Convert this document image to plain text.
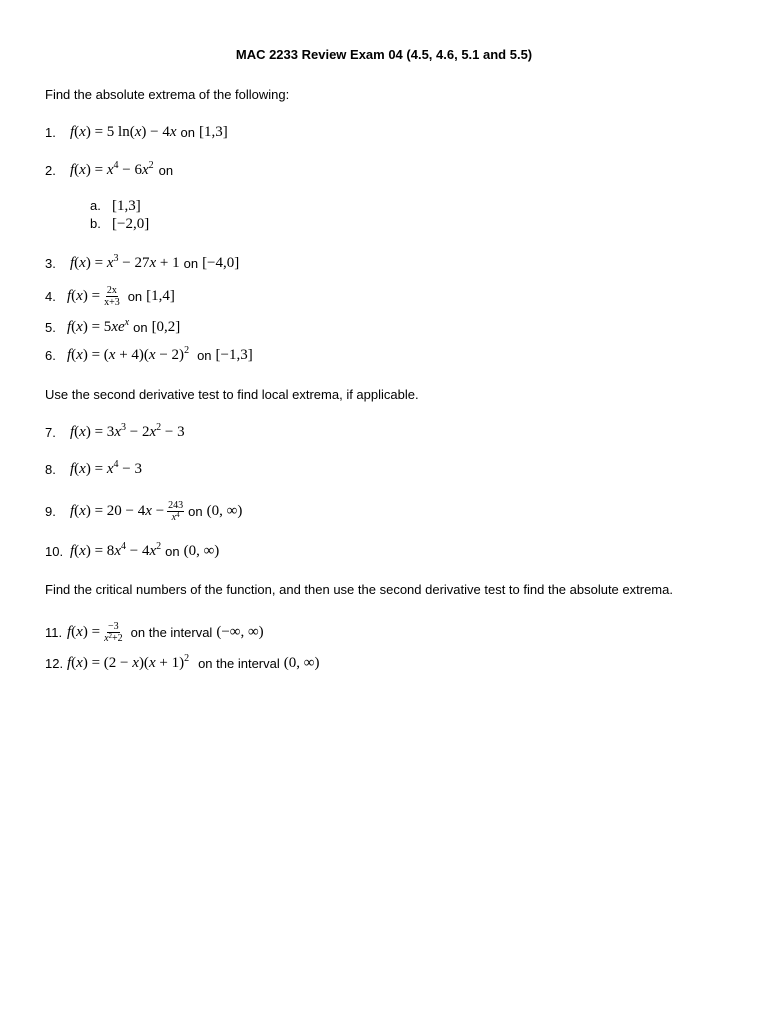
MAC 2233 Review Exam 04 (4.5, 4.6, 5.1 and 5.5)
Find the absolute extrema of the following:
1. f(x) = 5 ln(x) − 4x on [1,3]
2. $f(x) = x^4 - 6x^2$ on
a. [1,3]
b. [−2,0]
3. $f(x) = x^3 - 27x + 1$ on [−4,0]
4. $f(x) = \frac{2x}{x+3}$ on [1,4]
5. $f(x) = 5xe^x$ on [0,2]
6. $f(x) = (x + 4)(x - 2)^2$ on [−1,3]
Use the second derivative test to find local extrema, if applicable.
7. $f(x) = 3x^3 - 2x^2 - 3$
8. $f(x) = x^4 - 3$
9. $f(x) = 20 - 4x - \frac{243}{x^4}$ on (0, ∞)
10. $f(x) = 8x^4 - 4x^2$ on (0, ∞)
Find the critical numbers of the function, and then use the second derivative test to find the absolute extrema.
11. $f(x) = \frac{-3}{x^2+2}$ on the interval (−∞, ∞)
12. $f(x) = (2 - x)(x + 1)^2$ on the interval (0, ∞)
